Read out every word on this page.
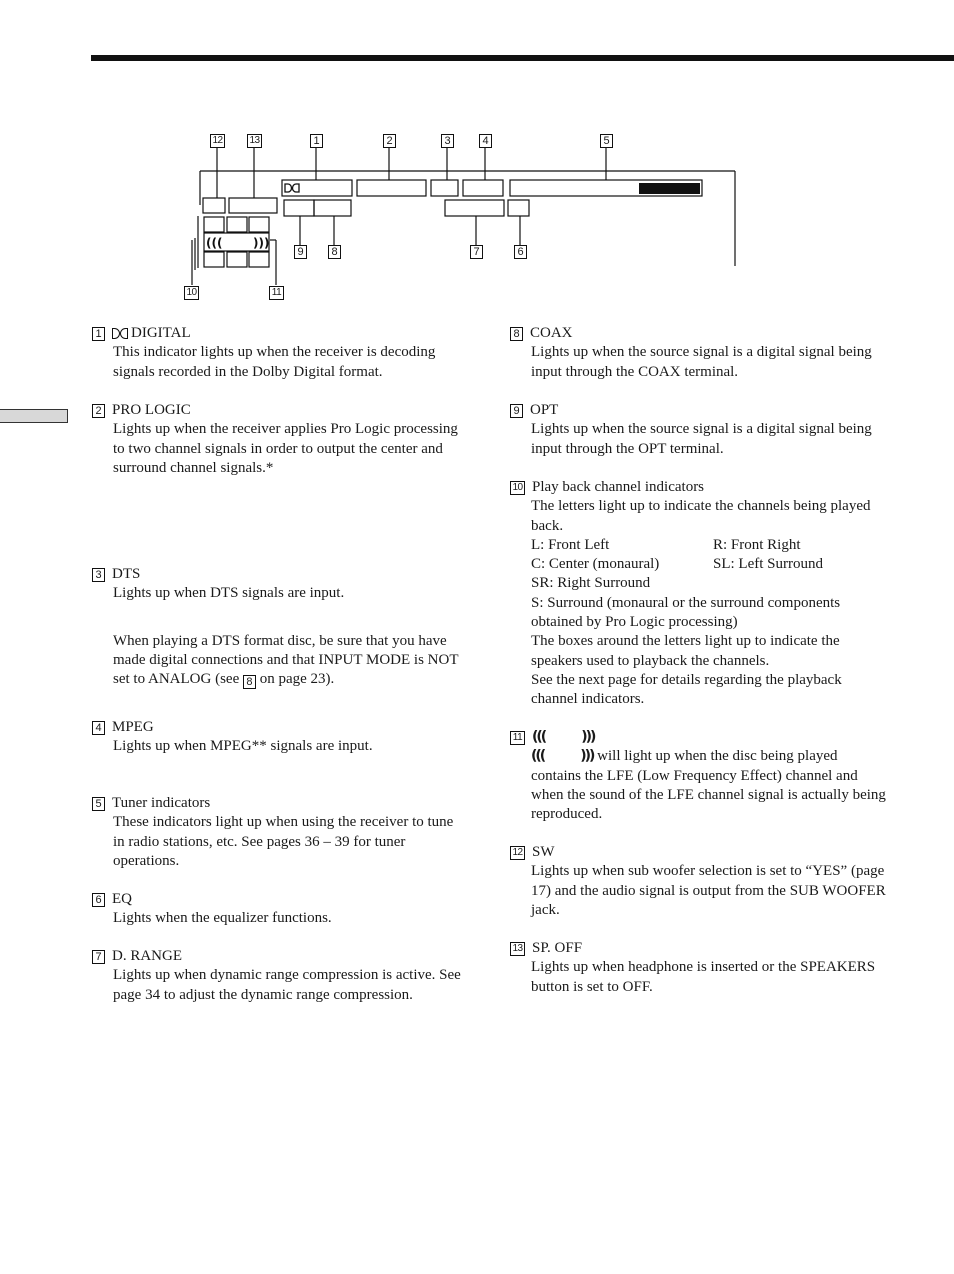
(((	)))
12	13	1	2	3	4	5
9	8	7	6
10	11
1 DIGITAL

This indicator lights up when the receiver is decoding signals recorded in the Dolby Digital format.

2 PRO LOGIC

Lights up when the receiver applies Pro Logic processing to two channel signals in order to output the center and surround channel signals.*

3 DTS

Lights up when DTS signals are input.

When playing a DTS format disc, be sure that you have made digital connections and that INPUT MODE is NOT set to ANALOG (see 8 on page 23).

4 MPEG

Lights up when MPEG** signals are input.

5 Tuner indicators

These indicators light up when using the receiver to tune in radio stations, etc. See pages 36 – 39 for tuner operations.

6 EQ

Lights when the equalizer functions.

7 D. RANGE

Lights up when dynamic range compression is active. See page 34 to adjust the dynamic range compression.

8 COAX

Lights up when the source signal is a digital signal being input through the COAX terminal.

9 OPT

Lights up when the source signal is a digital signal being input through the OPT terminal.

10 Play back channel indicators

The letters light up to indicate the channels being played back.

L: Front Left	R: Front Right
C: Center (monaural)	SL: Left Surround

SR: Right Surround

S: Surround (monaural or the surround components obtained by Pro Logic processing)

The boxes around the letters light up to indicate the speakers used to playback the channels.

See the next page for details regarding the playback channel indicators.

11 (((	)))

(((	))) will light up when the disc being played contains the LFE (Low Frequency Effect) channel and when the sound of the LFE channel signal is actually being reproduced.

12 SW

Lights up when sub woofer selection is set to “YES” (page 17) and the audio signal is output from the SUB WOOFER jack.

13 SP. OFF

Lights up when headphone is inserted or the SPEAKERS button is set to OFF.
